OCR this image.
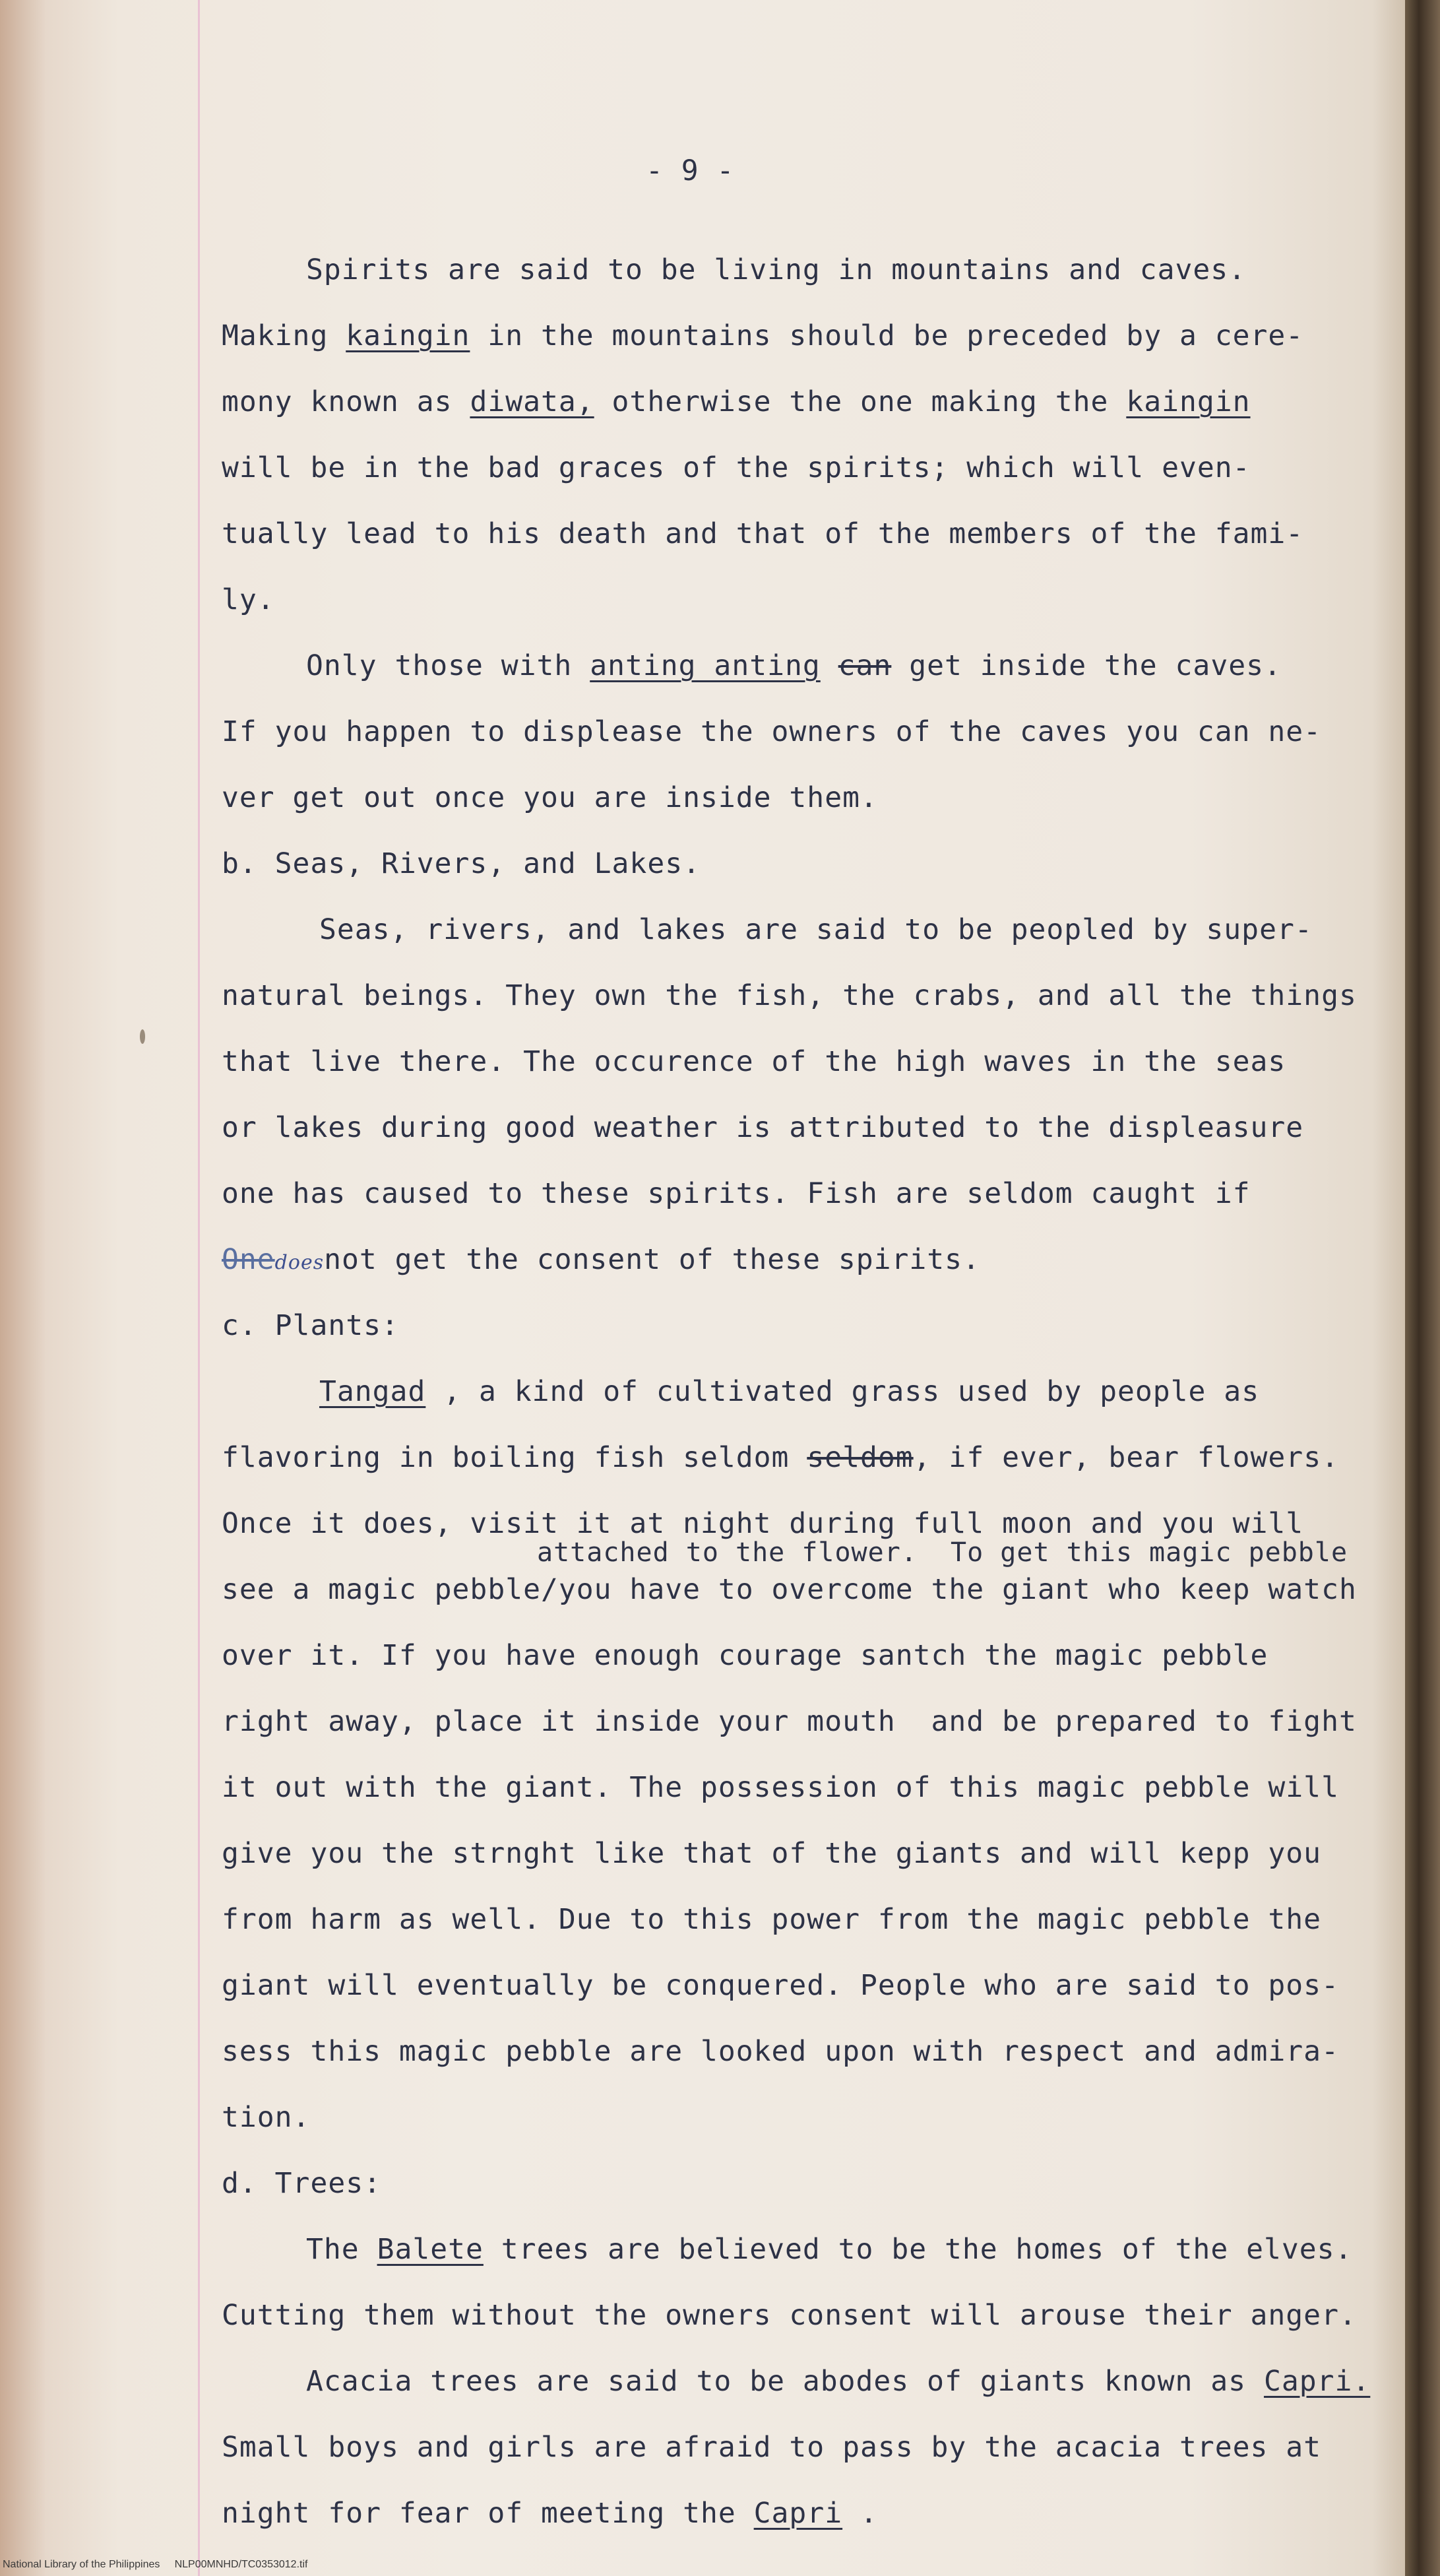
- 9 -
Spirits are said to be living in mountains and caves.
Making kaingin in the mountains should be preceded by a cere-
mony known as diwata, otherwise the one making the kaingin
will be in the bad graces of the spirits; which will even-
tually lead to his death and that of the members of the fami-
ly.
Only those with anting anting can get inside the caves.
If you happen to displease the owners of the caves you can ne-
ver get out once you are inside them.
b. Seas, Rivers, and Lakes.
Seas, rivers, and lakes are said to be peopled by super-
natural beings. They own the fish, the crabs, and all the things
that live there. The occurence of the high waves in the seas
or lakes during good weather is attributed to the displeasure
one has caused to these spirits. Fish are seldom caught if
Onedoesnot get the consent of these spirits.
c. Plants:
Tangad , a kind of cultivated grass used by people as
flavoring in boiling fish seldom seldom, if ever, bear flowers.
Once it does, visit it at night during full moon and you will
attached to the flower.  To get this magic pebble
see a magic pebble/you have to overcome the giant who keep watch
over it. If you have enough courage santch the magic pebble
right away, place it inside your mouth  and be prepared to fight
it out with the giant. The possession of this magic pebble will
give you the strnght like that of the giants and will kepp you
from harm as well. Due to this power from the magic pebble the
giant will eventually be conquered. People who are said to pos-
sess this magic pebble are looked upon with respect and admira-
tion.
d. Trees:
The Balete trees are believed to be the homes of the elves.
Cutting them without the owners consent will arouse their anger.
Acacia trees are said to be abodes of giants known as Capri.
Small boys and girls are afraid to pass by the acacia trees at
night for fear of meeting the Capri .
National Library of the Philippines     NLP00MNHD/TC0353012.tif
